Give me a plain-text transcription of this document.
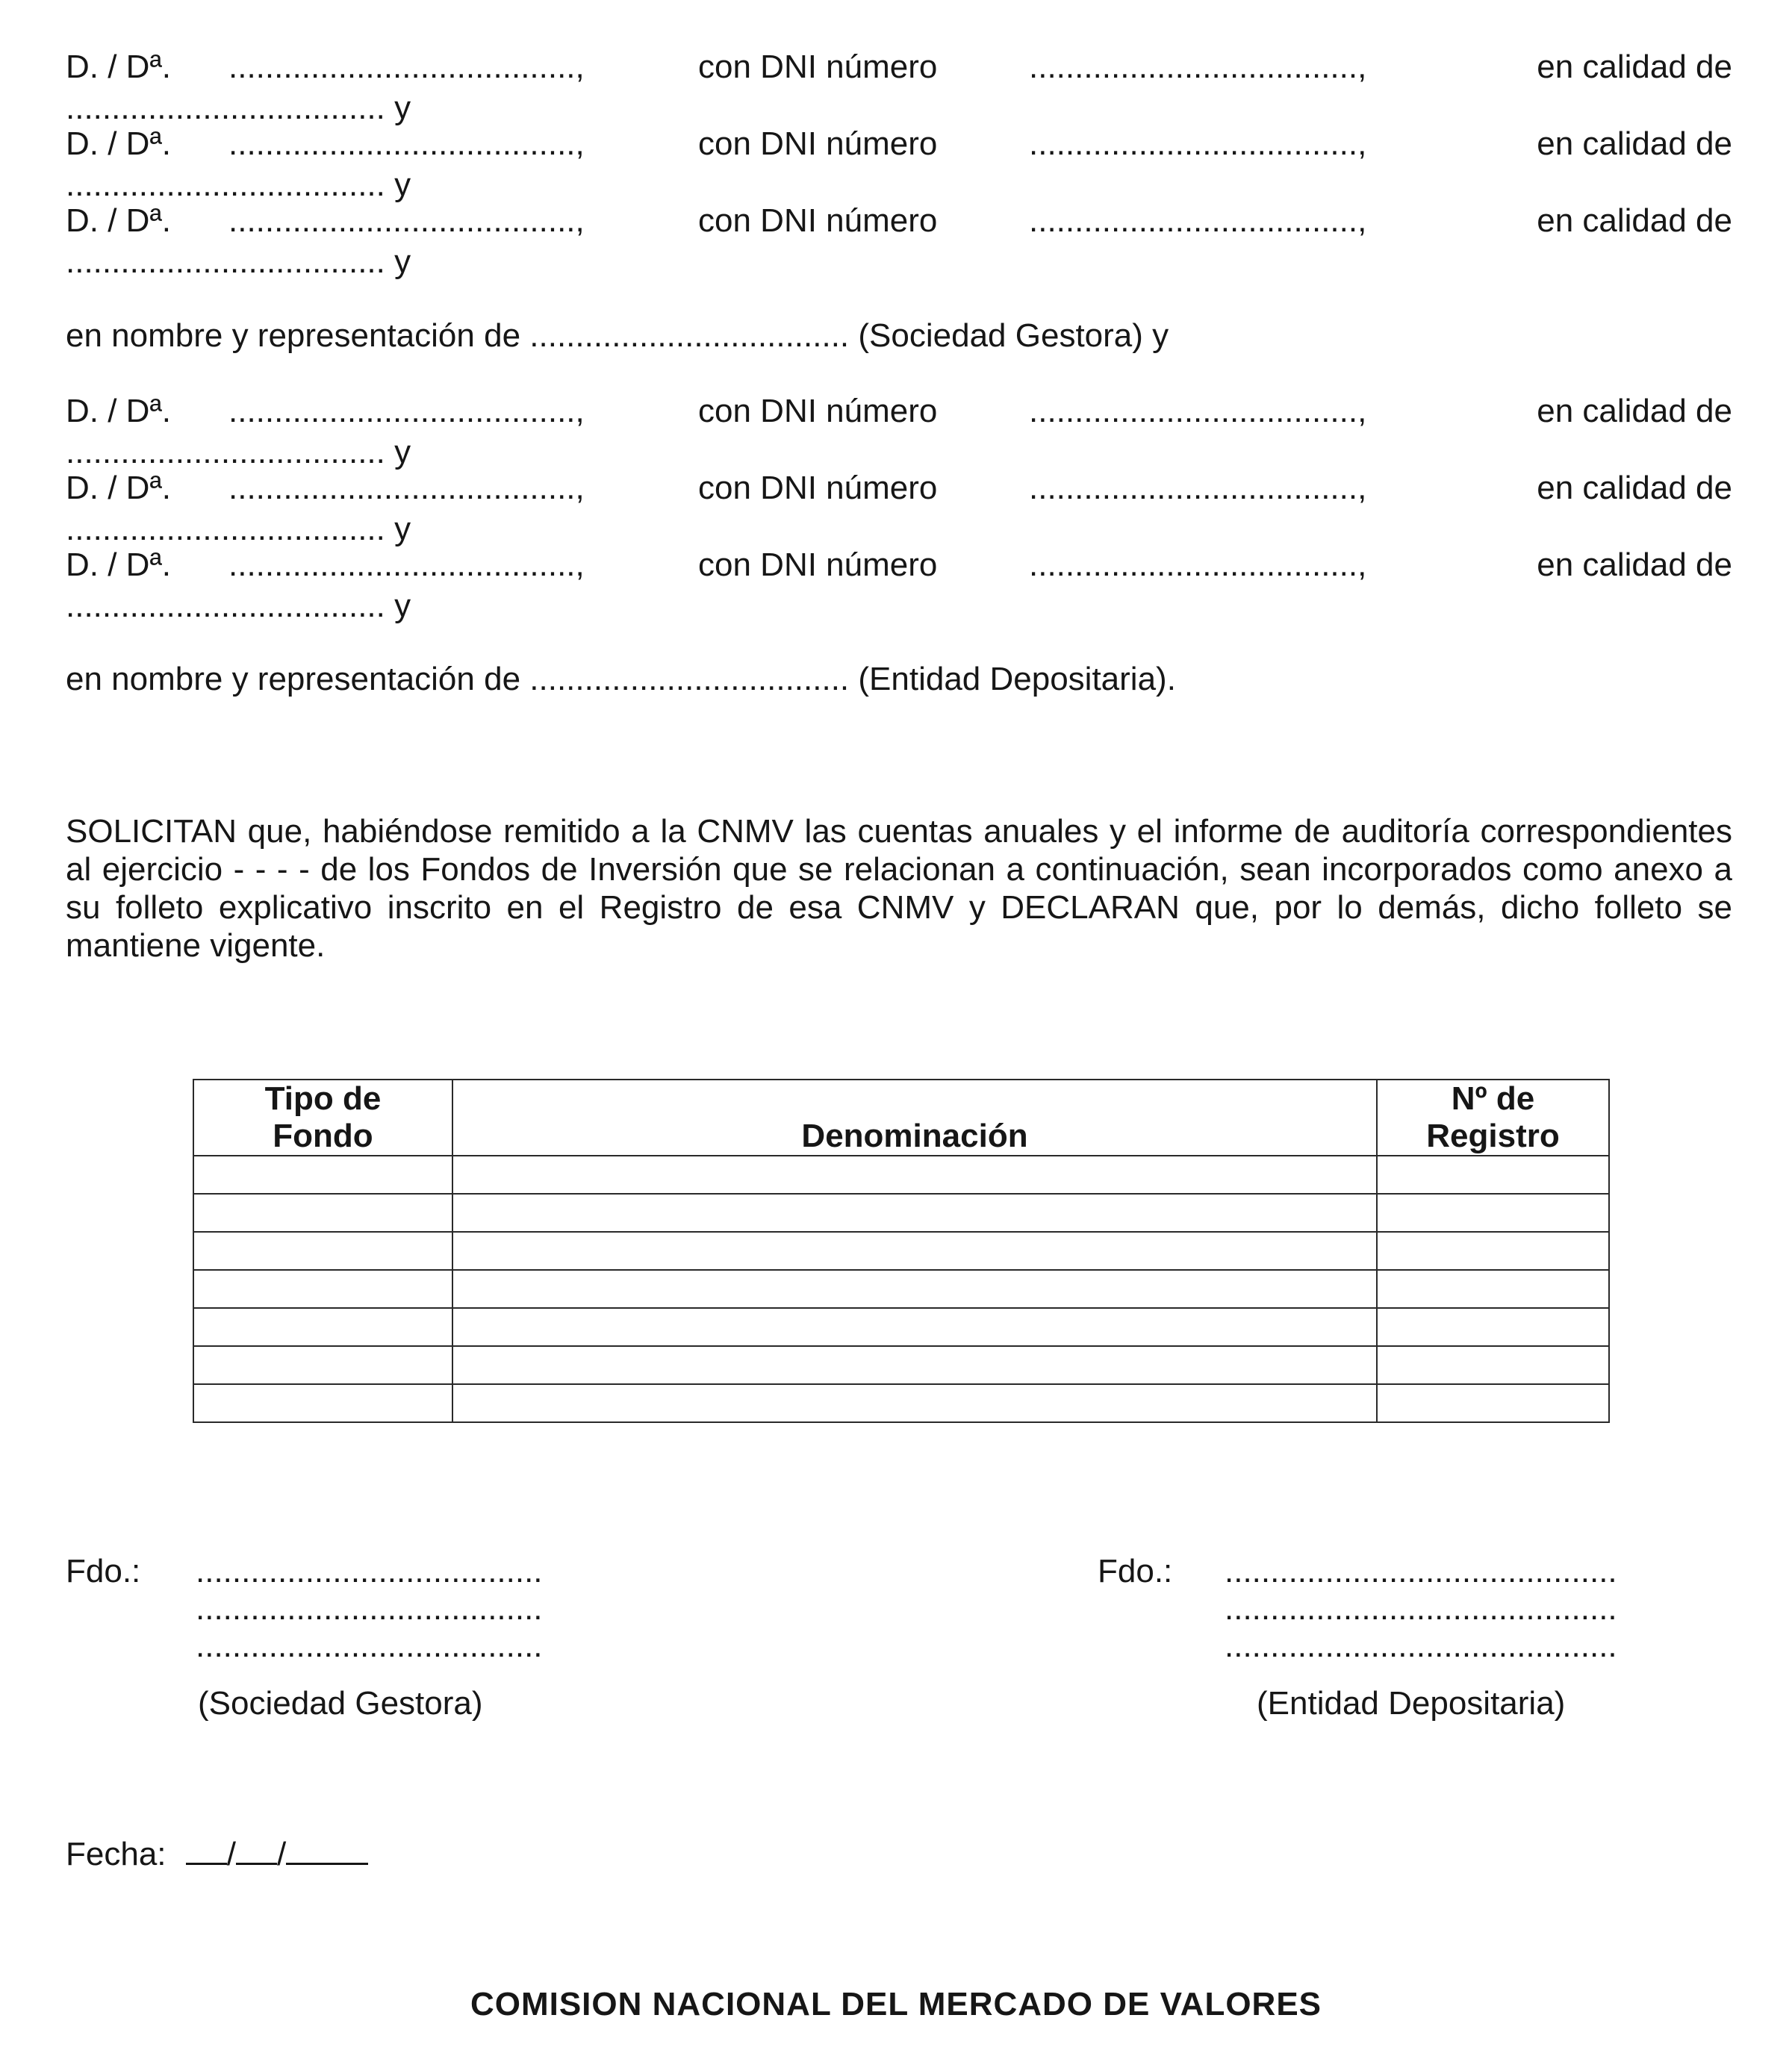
D. / Dª. ......................................,	con DNI número	....................................,	en calidad de
................................... y
D. / Dª. ......................................,	con DNI número	....................................,	en calidad de
................................... y
D. / Dª. ......................................,	con DNI número	....................................,	en calidad de
................................... y
en nombre y representación de ................................... (Sociedad Gestora) y
D. / Dª. ......................................,	con DNI número	....................................,	en calidad de
................................... y
D. / Dª. ......................................,	con DNI número	....................................,	en calidad de
................................... y
D. / Dª. ......................................,	con DNI número	....................................,	en calidad de
................................... y
en nombre y representación de ................................... (Entidad Depositaria).
SOLICITAN que, habiéndose remitido a la CNMV las cuentas anuales y el informe de auditoría correspondientes al ejercicio - - - - de los Fondos de Inversión que se relacionan a continuación, sean incorporados como anexo a su folleto explicativo inscrito en el Registro de esa CNMV y DECLARAN que, por lo demás, dicho folleto se mantiene vigente.
Tipo de Fondo	Denominación	Nº de Registro

Fdo.: ......................................
......................................
......................................
(Sociedad Gestora)
Fdo.: ...........................................
...........................................
...........................................
(Entidad Depositaria)
Fecha: / /
COMISION NACIONAL DEL MERCADO DE VALORES
